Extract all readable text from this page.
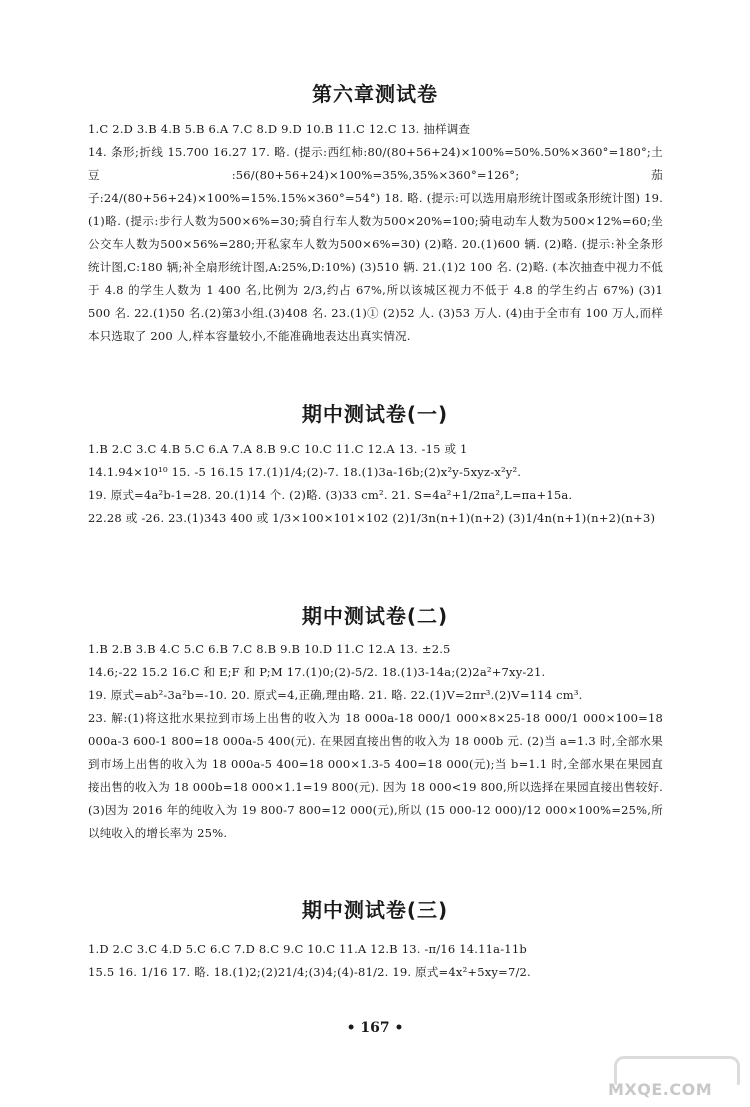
第六章测试卷

1.C 2.D 3.B 4.B 5.B 6.A 7.C 8.D 9.D 10.B 11.C 12.C 13. 抽样调查

14. 条形;折线 15.700 16.27 17. 略. (提示:西红柿:80/(80+56+24)×100%=50%.50%×360°=180°;土豆:56/(80+56+24)×100%=35%,35%×360°=126°;茄子:24/(80+56+24)×100%=15%.15%×360°=54°) 18. 略. (提示:可以选用扇形统计图或条形统计图) 19.(1)略. (提示:步行人数为500×6%=30;骑自行车人数为500×20%=100;骑电动车人数为500×12%=60;坐公交车人数为500×56%=280;开私家车人数为500×6%=30) (2)略. 20.(1)600 辆. (2)略. (提示:补全条形统计图,C:180 辆;补全扇形统计图,A:25%,D:10%) (3)510 辆. 21.(1)2 100 名. (2)略. (本次抽查中视力不低于 4.8 的学生人数为 1 400 名,比例为 2/3,约占 67%,所以该城区视力不低于 4.8 的学生约占 67%) (3)1 500 名. 22.(1)50 名.(2)第3小组.(3)408 名. 23.(1)① (2)52 人. (3)53 万人. (4)由于全市有 100 万人,而样本只选取了 200 人,样本容量较小,不能准确地表达出真实情况.

期中测试卷(一)

1.B 2.C 3.C 4.B 5.C 6.A 7.A 8.B 9.C 10.C 11.C 12.A 13. -15 或 1

14.1.94×10¹⁰ 15. -5 16.15 17.(1)1/4;(2)-7. 18.(1)3a-16b;(2)x²y-5xyz-x²y².

19. 原式=4a²b-1=28. 20.(1)14 个. (2)略. (3)33 cm². 21. S=4a²+1/2πa²,L=πa+15a.

22.28 或 -26. 23.(1)343 400 或 1/3×100×101×102 (2)1/3n(n+1)(n+2) (3)1/4n(n+1)(n+2)(n+3)

期中测试卷(二)

1.B 2.B 3.B 4.C 5.C 6.B 7.C 8.B 9.B 10.D 11.C 12.A 13. ±2.5

14.6;-22 15.2 16.C 和 E;F 和 P;M 17.(1)0;(2)-5/2. 18.(1)3-14a;(2)2a²+7xy-21.

19. 原式=ab²-3a²b=-10. 20. 原式=4,正确,理由略. 21. 略. 22.(1)V=2πr³.(2)V=114 cm³.

23. 解:(1)将这批水果拉到市场上出售的收入为 18 000a-18 000/1 000×8×25-18 000/1 000×100=18 000a-3 600-1 800=18 000a-5 400(元). 在果园直接出售的收入为 18 000b 元. (2)当 a=1.3 时,全部水果到市场上出售的收入为 18 000a-5 400=18 000×1.3-5 400=18 000(元);当 b=1.1 时,全部水果在果园直接出售的收入为 18 000b=18 000×1.1=19 800(元). 因为 18 000<19 800,所以选择在果园直接出售较好. (3)因为 2016 年的纯收入为 19 800-7 800=12 000(元),所以 (15 000-12 000)/12 000×100%=25%,所以纯收入的增长率为 25%.

期中测试卷(三)

1.D 2.C 3.C 4.D 5.C 6.C 7.D 8.C 9.C 10.C 11.A 12.B 13. -π/16 14.11a-11b

15.5 16. 1/16 17. 略. 18.(1)2;(2)21/4;(3)4;(4)-81/2. 19. 原式=4x²+5xy=7/2.

• 167 •
MXQE.COM
